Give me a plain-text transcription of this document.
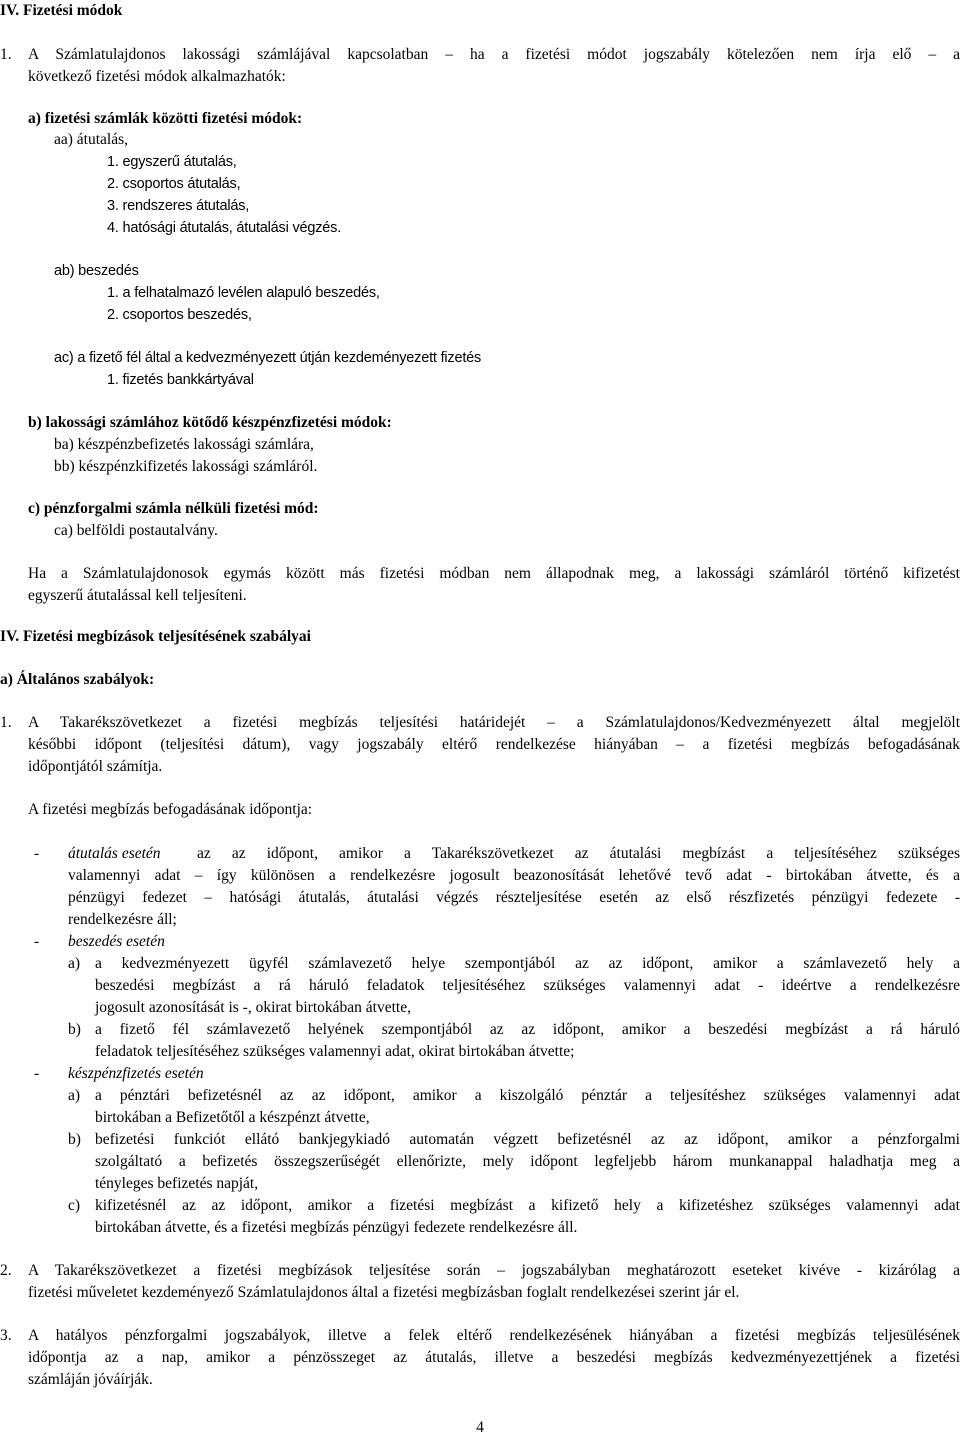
IV. Fizetési módok
1. A Számlatulajdonos lakossági számlájával kapcsolatban – ha a fizetési módot jogszabály kötelezően nem írja elő – a
következő fizetési módok alkalmazhatók:
a) fizetési számlák közötti fizetési módok:
aa) átutalás,
1. egyszerű átutalás,
2. csoportos átutalás,
3. rendszeres átutalás,
4. hatósági átutalás, átutalási végzés.
ab) beszedés
1. a felhatalmazó levélen alapuló beszedés,
2. csoportos beszedés,
ac) a fizető fél által a kedvezményezett útján kezdeményezett fizetés
1. fizetés bankkártyával
b) lakossági számlához kötődő készpénzfizetési módok:
ba) készpénzbefizetés lakossági számlára,
bb) készpénzkifizetés lakossági számláról.
c) pénzforgalmi számla nélküli fizetési mód:
ca) belföldi postautalvány.
Ha a Számlatulajdonosok egymás között más fizetési módban nem állapodnak meg, a lakossági számláról történő kifizetést
egyszerű átutalással kell teljesíteni.
IV. Fizetési megbízások teljesítésének szabályai
a) Általános szabályok:
1. A Takarékszövetkezet a fizetési megbízás teljesítési határidejét – a Számlatulajdonos/Kedvezményezett által megjelölt
későbbi időpont (teljesítési dátum), vagy jogszabály eltérő rendelkezése hiányában – a fizetési megbízás befogadásának
időpontjától számítja.
A fizetési megbízás befogadásának időpontja:
- átutalás esetén az az időpont, amikor a Takarékszövetkezet az átutalási megbízást a teljesítéséhez szükséges
valamennyi adat – így különösen a rendelkezésre jogosult beazonosítását lehetővé tevő adat - birtokában átvette, és a
pénzügyi fedezet – hatósági átutalás, átutalási végzés részteljesítése esetén az első részfizetés pénzügyi fedezete -
rendelkezésre áll;
- beszedés esetén
a) a kedvezményezett ügyfél számlavezető helye szempontjából az az időpont, amikor a számlavezető hely a
beszedési megbízást a rá háruló feladatok teljesítéséhez szükséges valamennyi adat - ideértve a rendelkezésre
jogosult azonosítását is -, okirat birtokában átvette,
b) a fizető fél számlavezető helyének szempontjából az az időpont, amikor a beszedési megbízást a rá háruló
feladatok teljesítéséhez szükséges valamennyi adat, okirat birtokában átvette;
- készpénzfizetés esetén
a) a pénztári befizetésnél az az időpont, amikor a kiszolgáló pénztár a teljesítéshez szükséges valamennyi adat
birtokában a Befizetőtől a készpénzt átvette,
b) befizetési funkciót ellátó bankjegykiadó automatán végzett befizetésnél az az időpont, amikor a pénzforgalmi
szolgáltató a befizetés összegszerűségét ellenőrizte, mely időpont legfeljebb három munkanappal haladhatja meg a
tényleges befizetés napját,
c) kifizetésnél az az időpont, amikor a fizetési megbízást a kifizető hely a kifizetéshez szükséges valamennyi adat
birtokában átvette, és a fizetési megbízás pénzügyi fedezete rendelkezésre áll.
2. A Takarékszövetkezet a fizetési megbízások teljesítése során – jogszabályban meghatározott eseteket kivéve - kizárólag a
fizetési műveletet kezdeményező Számlatulajdonos által a fizetési megbízásban foglalt rendelkezései szerint jár el.
3. A hatályos pénzforgalmi jogszabályok, illetve a felek eltérő rendelkezésének hiányában a fizetési megbízás teljesülésének
időpontja az a nap, amikor a pénzösszeget az átutalás, illetve a beszedési megbízás kedvezményezettjének a fizetési
számláján jóváírják.
4
